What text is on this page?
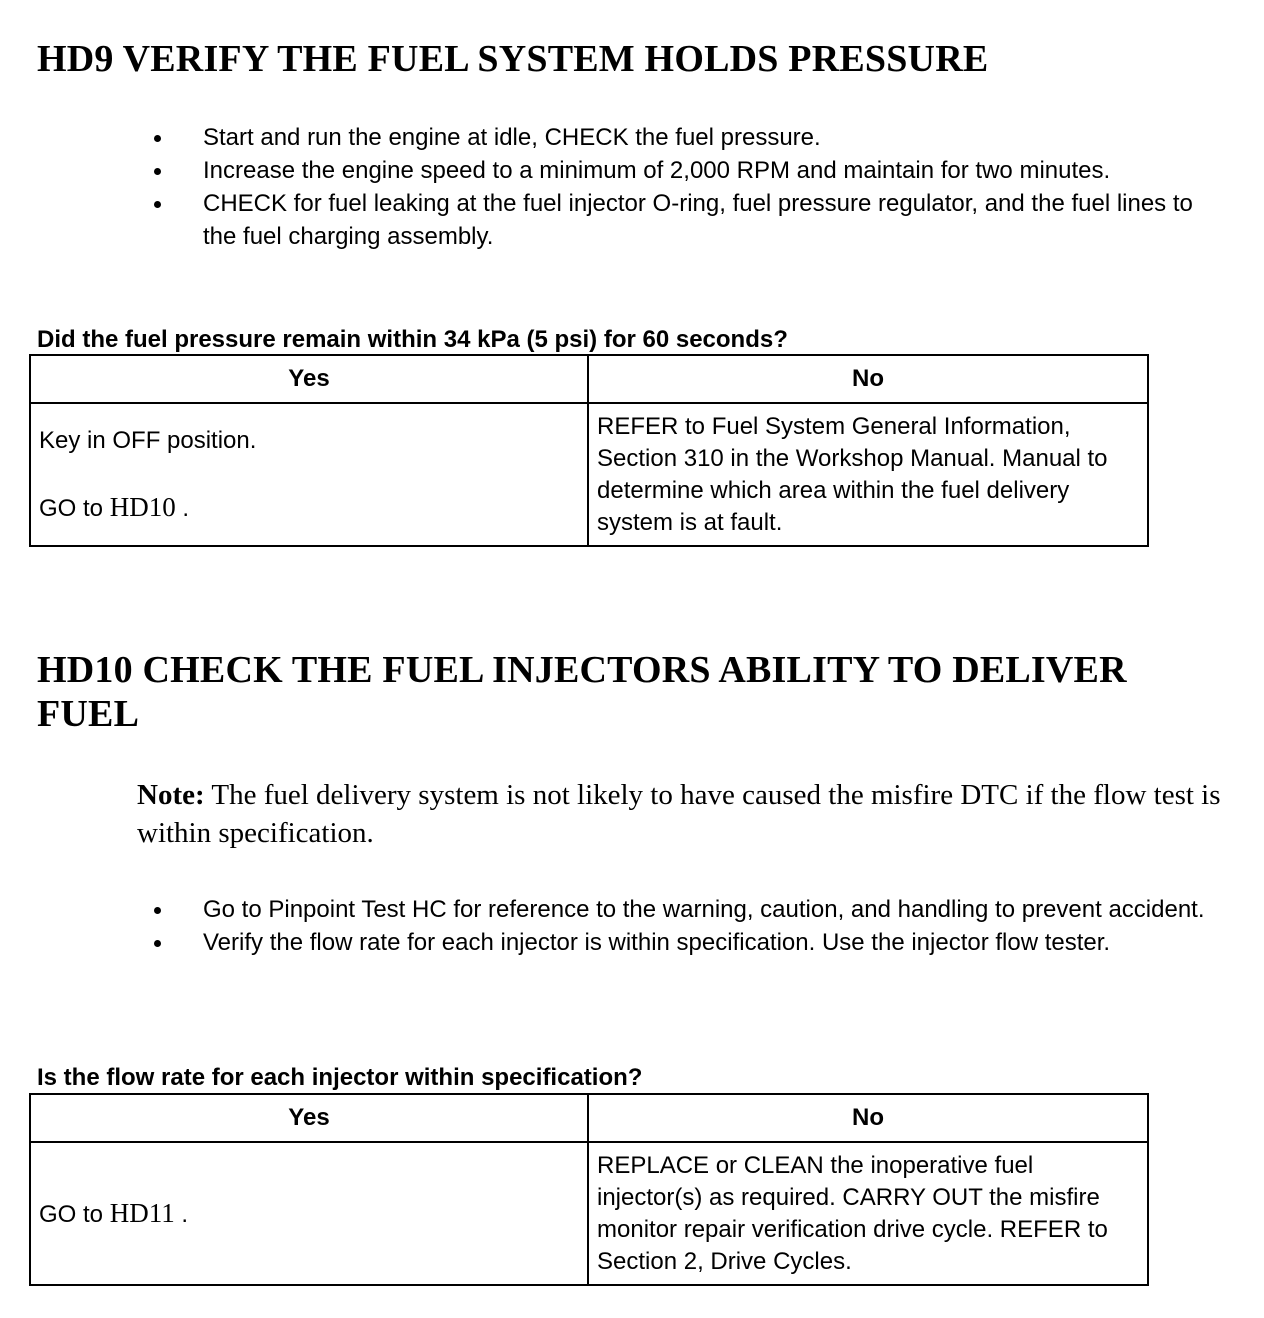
HD9 VERIFY THE FUEL SYSTEM HOLDS PRESSURE
Start and run the engine at idle, CHECK the fuel pressure.
Increase the engine speed to a minimum of 2,000 RPM and maintain for two minutes.
CHECK for fuel leaking at the fuel injector O-ring, fuel pressure regulator, and the fuel lines to the fuel charging assembly.

Did the fuel pressure remain within 34 kPa (5 psi) for 60 seconds?

Yes	No

Key in OFF position.
GO to HD10 .	REFER to Fuel System General Information, Section 310 in the Workshop Manual. Manual to determine which area within the fuel delivery system is at fault.
HD10 CHECK THE FUEL INJECTORS ABILITY TO DELIVER
FUEL

Note: The fuel delivery system is not likely to have caused the misfire DTC if the flow test is within specification.

Go to Pinpoint Test HC for reference to the warning, caution, and handling to prevent accident.
Verify the flow rate for each injector is within specification. Use the injector flow tester.

Is the flow rate for each injector within specification?

Yes	No

GO to HD11 .	REPLACE or CLEAN the inoperative fuel injector(s) as required. CARRY OUT the misfire monitor repair verification drive cycle. REFER to Section 2, Drive Cycles.
